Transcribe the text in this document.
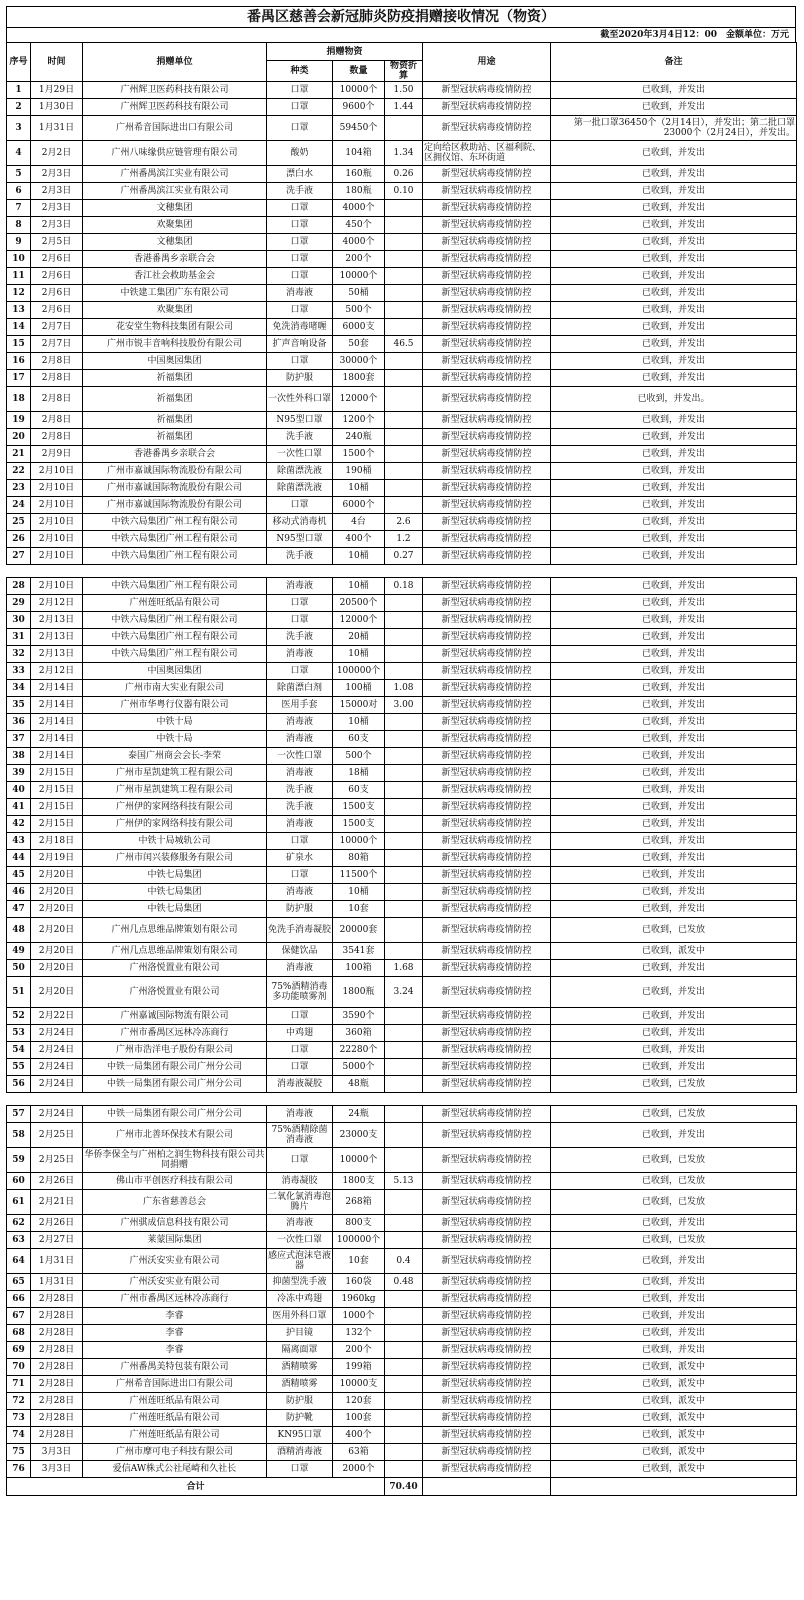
番禺区慈善会新冠肺炎防疫捐赠接收情况（物资）
截至2020年3月4日12：00　金额单位：万元
序号	时间	捐赠单位	捐赠物资			用途	备注
			种类	数量	物资折算		
1	1月29日	广州辉卫医药科技有限公司	口罩	10000个	1.50	新型冠状病毒疫情防控	已收到，并发出
2	1月30日	广州辉卫医药科技有限公司	口罩	9600个	1.44	新型冠状病毒疫情防控	已收到，并发出
3	1月31日	广州希音国际进出口有限公司	口罩	59450个		新型冠状病毒疫情防控	第一批口罩36450个（2月14日），并发出；第二批口罩23000个（2月24日），并发出。
4	2月2日	广州八味缘供应链管理有限公司	酸奶	104箱	1.34	定向给区救助站、区福利院、区拥仪馆、东环街道	已收到，并发出
5	2月3日	广州番禺滨江实业有限公司	漂白水	160瓶	0.26	新型冠状病毒疫情防控	已收到，并发出
6	2月3日	广州番禺滨江实业有限公司	洗手液	180瓶	0.10	新型冠状病毒疫情防控	已收到，并发出
7	2月3日	文穗集团	口罩	4000个		新型冠状病毒疫情防控	已收到，并发出
8	2月3日	欢聚集团	口罩	450个		新型冠状病毒疫情防控	已收到，并发出
9	2月5日	文穗集团	口罩	4000个		新型冠状病毒疫情防控	已收到，并发出
10	2月6日	香港番禺乡亲联合会	口罩	200个		新型冠状病毒疫情防控	已收到，并发出
11	2月6日	香江社会救助基金会	口罩	10000个		新型冠状病毒疫情防控	已收到，并发出
12	2月6日	中铁建工集团广东有限公司	消毒液	50桶		新型冠状病毒疫情防控	已收到，并发出
13	2月6日	欢聚集团	口罩	500个		新型冠状病毒疫情防控	已收到，并发出
14	2月7日	花安堂生物科技集团有限公司	免洗消毒啫喱	6000支		新型冠状病毒疫情防控	已收到，并发出
15	2月7日	广州市锐丰音响科技股份有限公司	扩声音响设备	50套	46.5	新型冠状病毒疫情防控	已收到，并发出
16	2月8日	中国奥园集团	口罩	30000个		新型冠状病毒疫情防控	已收到，并发出
17	2月8日	祈福集团	防护服	1800套		新型冠状病毒疫情防控	已收到，并发出
18	2月8日	祈福集团	一次性外科口罩	12000个		新型冠状病毒疫情防控	已收到，并发出。
19	2月8日	祈福集团	N95型口罩	1200个		新型冠状病毒疫情防控	已收到，并发出
20	2月8日	祈福集团	洗手液	240瓶		新型冠状病毒疫情防控	已收到，并发出
21	2月9日	香港番禺乡亲联合会	一次性口罩	1500个		新型冠状病毒疫情防控	已收到，并发出
22	2月10日	广州市嘉诚国际物流股份有限公司	除菌漂洗液	190桶		新型冠状病毒疫情防控	已收到，并发出
23	2月10日	广州市嘉诚国际物流股份有限公司	除菌漂洗液	10桶		新型冠状病毒疫情防控	已收到，并发出
24	2月10日	广州市嘉诚国际物流股份有限公司	口罩	6000个		新型冠状病毒疫情防控	已收到，并发出
25	2月10日	中铁六局集团广州工程有限公司	移动式消毒机	4台	2.6	新型冠状病毒疫情防控	已收到，并发出
26	2月10日	中铁六局集团广州工程有限公司	N95型口罩	400个	1.2	新型冠状病毒疫情防控	已收到，并发出
27	2月10日	中铁六局集团广州工程有限公司	洗手液	10桶	0.27	新型冠状病毒疫情防控	已收到，并发出

28	2月10日	中铁六局集团广州工程有限公司	消毒液	10桶	0.18	新型冠状病毒疫情防控	已收到，并发出
29	2月12日	广州莲旺纸品有限公司	口罩	20500个		新型冠状病毒疫情防控	已收到，并发出
30	2月13日	中铁六局集团广州工程有限公司	口罩	12000个		新型冠状病毒疫情防控	已收到，并发出
31	2月13日	中铁六局集团广州工程有限公司	洗手液	20桶		新型冠状病毒疫情防控	已收到，并发出
32	2月13日	中铁六局集团广州工程有限公司	消毒液	10桶		新型冠状病毒疫情防控	已收到，并发出
33	2月12日	中国奥园集团	口罩	100000个		新型冠状病毒疫情防控	已收到，并发出
34	2月14日	广州市南大实业有限公司	除菌漂白剂	100桶	1.08	新型冠状病毒疫情防控	已收到，并发出
35	2月14日	广州市华粤行仪器有限公司	医用手套	15000对	3.00	新型冠状病毒疫情防控	已收到，并发出
36	2月14日	中铁十局	消毒液	10桶		新型冠状病毒疫情防控	已收到，并发出
37	2月14日	中铁十局	消毒液	60支		新型冠状病毒疫情防控	已收到，并发出
38	2月14日	泰国广州商会会长-李荣	一次性口罩	500个		新型冠状病毒疫情防控	已收到，并发出
39	2月15日	广州市星凯建筑工程有限公司	消毒液	18桶		新型冠状病毒疫情防控	已收到，并发出
40	2月15日	广州市星凯建筑工程有限公司	洗手液	60支		新型冠状病毒疫情防控	已收到，并发出
41	2月15日	广州伊的家网络科技有限公司	洗手液	1500支		新型冠状病毒疫情防控	已收到，并发出
42	2月15日	广州伊的家网络科技有限公司	消毒液	1500支		新型冠状病毒疫情防控	已收到，并发出
43	2月18日	中铁十局城轨公司	口罩	10000个		新型冠状病毒疫情防控	已收到，并发出
44	2月19日	广州市闰兴装修服务有限公司	矿泉水	80箱		新型冠状病毒疫情防控	已收到，并发出
45	2月20日	中铁七局集团	口罩	11500个		新型冠状病毒疫情防控	已收到，并发出
46	2月20日	中铁七局集团	消毒液	10桶		新型冠状病毒疫情防控	已收到，并发出
47	2月20日	中铁七局集团	防护服	10套		新型冠状病毒疫情防控	已收到，并发出
48	2月20日	广州几点思维品牌策划有限公司	免洗手消毒凝胶	20000套		新型冠状病毒疫情防控	已收到，已发放
49	2月20日	广州几点思维品牌策划有限公司	保健饮品	3541套		新型冠状病毒疫情防控	已收到，派发中
50	2月20日	广州洛悦置业有限公司	消毒液	100箱	1.68	新型冠状病毒疫情防控	已收到，并发出
51	2月20日	广州洛悦置业有限公司	75%酒精消毒多功能喷雾剂	1800瓶	3.24	新型冠状病毒疫情防控	已收到，并发出
52	2月22日	广州嘉诚国际物流有限公司	口罩	3590个		新型冠状病毒疫情防控	已收到，并发出
53	2月24日	广州市番禺区远林冷冻商行	中鸡翅	360箱		新型冠状病毒疫情防控	已收到，并发出
54	2月24日	广州市浩洋电子股份有限公司	口罩	22280个		新型冠状病毒疫情防控	已收到，并发出
55	2月24日	中铁一局集团有限公司广州分公司	口罩	5000个		新型冠状病毒疫情防控	已收到，并发出
56	2月24日	中铁一局集团有限公司广州分公司	消毒液凝胶	48瓶		新型冠状病毒疫情防控	已收到，已发放

57	2月24日	中铁一局集团有限公司广州分公司	消毒液	24瓶		新型冠状病毒疫情防控	已收到，已发放
58	2月25日	广州市北善环保技术有限公司	75%酒精除菌消毒液	23000支		新型冠状病毒疫情防控	已收到，并发出
59	2月25日	华侨李保全与广州柏之润生物科技有限公司共同捐赠	口罩	10000个		新型冠状病毒疫情防控	已收到，已发放
60	2月26日	佛山市平创医疗科技有限公司	消毒凝胶	1800支	5.13	新型冠状病毒疫情防控	已收到，已发放
61	2月21日	广东省慈善总会	二氧化氯消毒泡腾片	268箱		新型冠状病毒疫情防控	已收到，已发放
62	2月26日	广州骐成信息科技有限公司	消毒液	800支		新型冠状病毒疫情防控	已收到，并发出
63	2月27日	莱蒙国际集团	一次性口罩	100000个		新型冠状病毒疫情防控	已收到，已发放
64	1月31日	广州沃安实业有限公司	感应式泡沫皂液器	10套	0.4	新型冠状病毒疫情防控	已收到，并发出
65	1月31日	广州沃安实业有限公司	抑菌型洗手液	160袋	0.48	新型冠状病毒疫情防控	已收到，并发出
66	2月28日	广州市番禺区远林冷冻商行	冷冻中鸡翅	1960kg		新型冠状病毒疫情防控	已收到，并发出
67	2月28日	李睿	医用外科口罩	1000个		新型冠状病毒疫情防控	已收到，并发出
68	2月28日	李睿	护目镜	132个		新型冠状病毒疫情防控	已收到，并发出
69	2月28日	李睿	隔离面罩	200个		新型冠状病毒疫情防控	已收到，并发出
70	2月28日	广州番禺美特包装有限公司	酒精喷雾	199箱		新型冠状病毒疫情防控	已收到，派发中
71	2月28日	广州希音国际进出口有限公司	酒精喷雾	10000支		新型冠状病毒疫情防控	已收到，派发中
72	2月28日	广州莲旺纸品有限公司	防护服	120套		新型冠状病毒疫情防控	已收到，派发中
73	2月28日	广州莲旺纸品有限公司	防护靴	100套		新型冠状病毒疫情防控	已收到，派发中
74	2月28日	广州莲旺纸品有限公司	KN95口罩	400个		新型冠状病毒疫情防控	已收到，派发中
75	3月3日	广州市摩可电子科技有限公司	酒精消毒液	63箱		新型冠状病毒疫情防控	已收到，派发中
76	3月3日	爱信AW株式公社尾崎和久社长	口罩	2000个		新型冠状病毒疫情防控	已收到，派发中
合计					70.40		
